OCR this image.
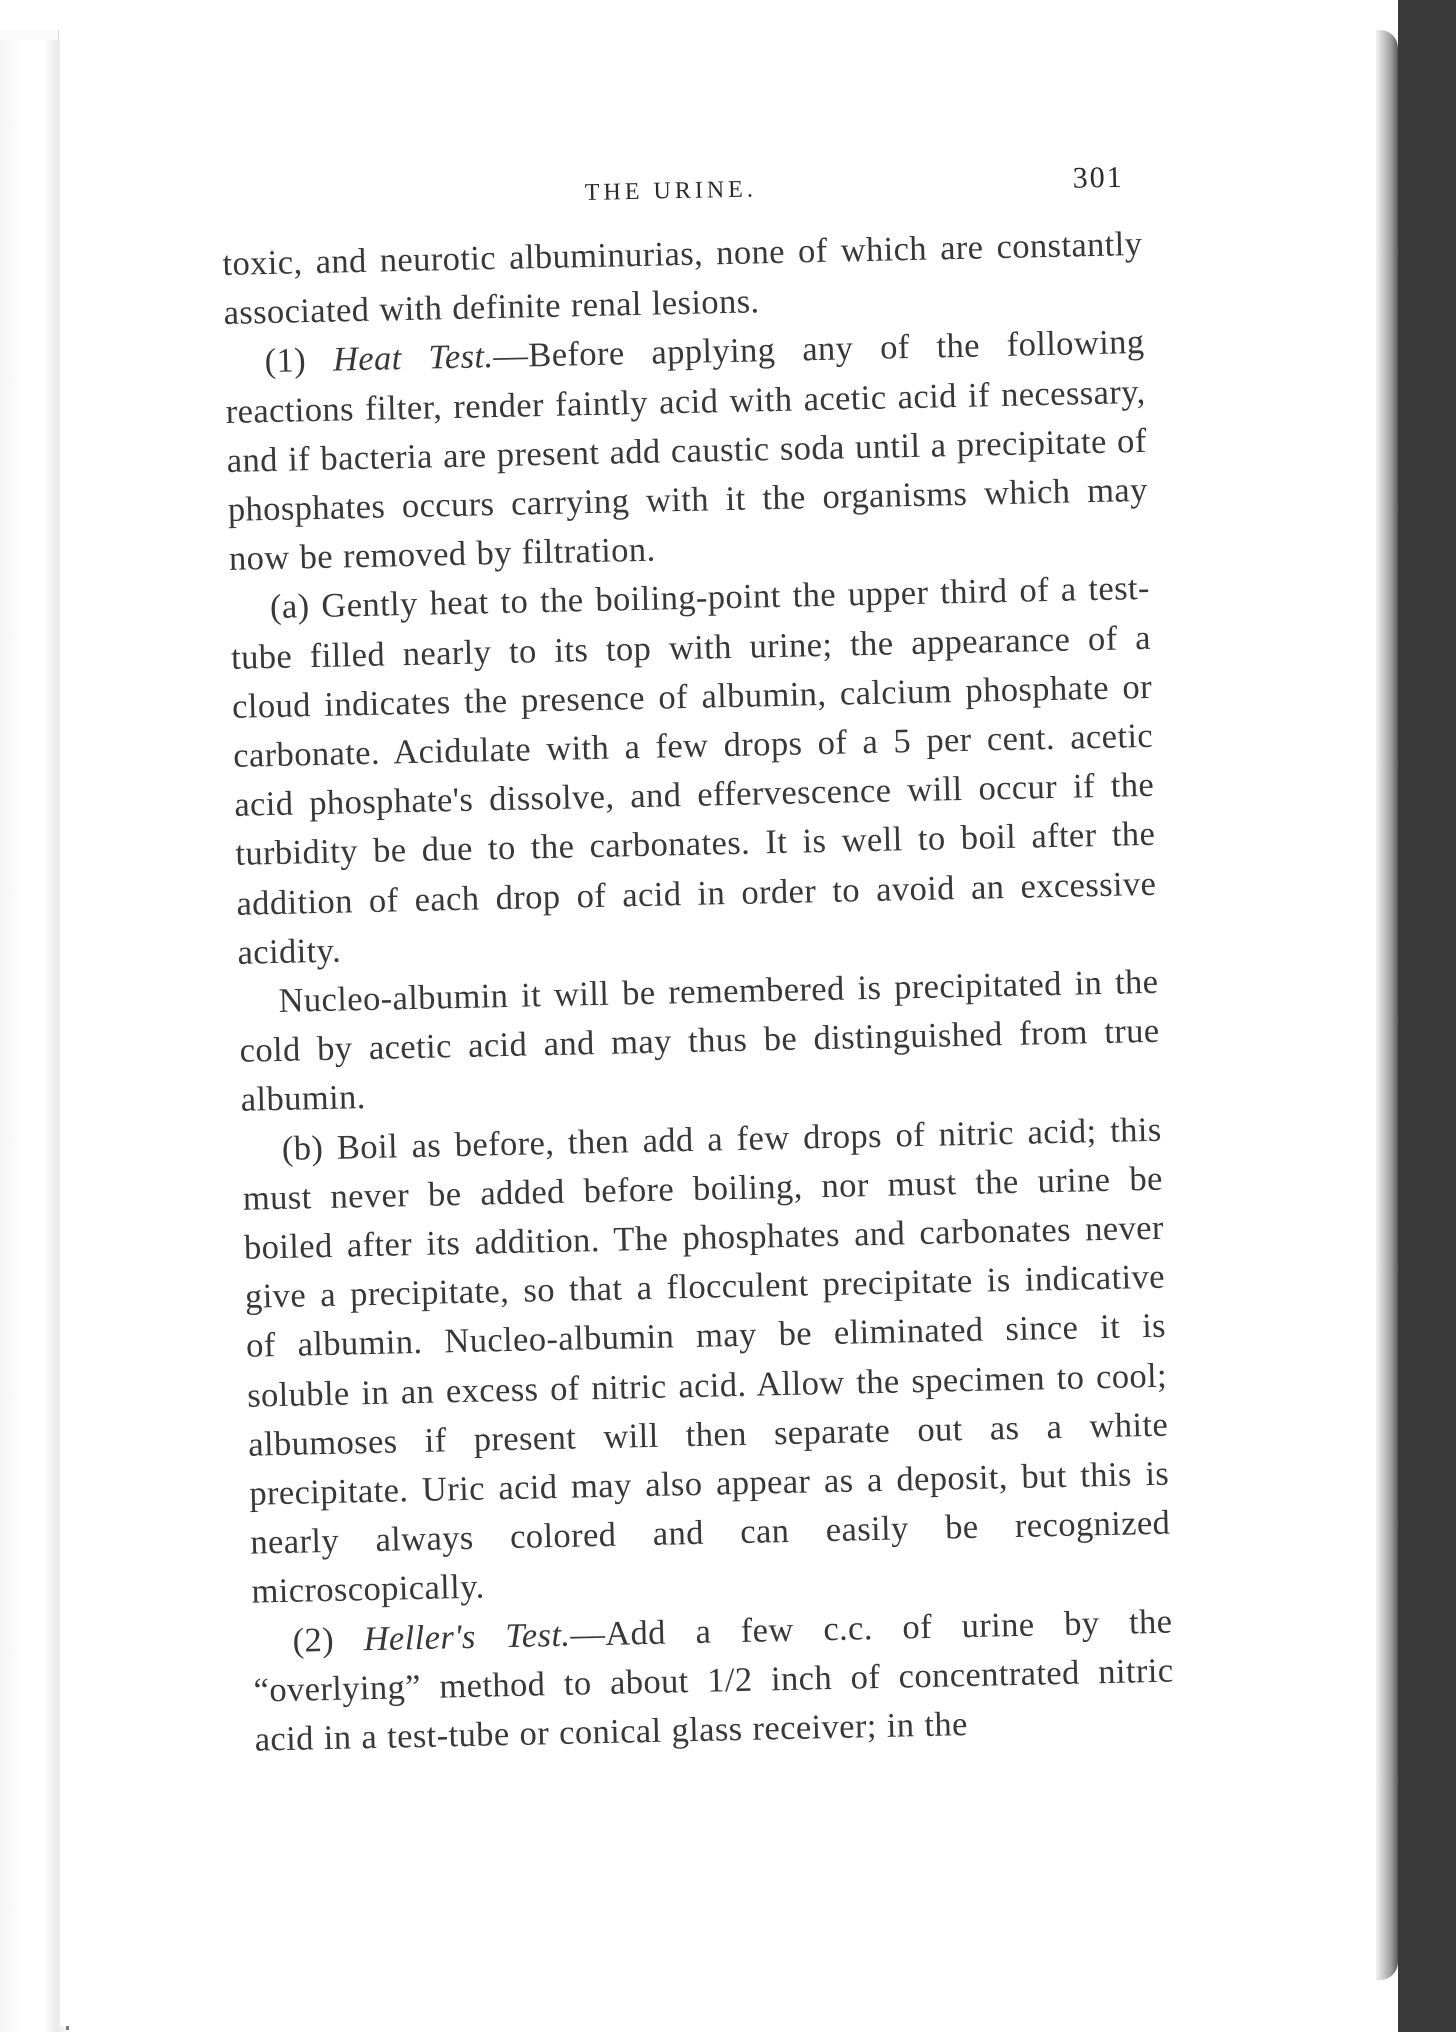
THE URINE.	301

toxic, and neurotic albuminurias, none of which are constantly associated with definite renal lesions.

(1) Heat Test.—Before applying any of the following reactions filter, render faintly acid with acetic acid if necessary, and if bacteria are present add caustic soda until a precipitate of phosphates occurs carrying with it the organisms which may now be removed by filtration.

(a) Gently heat to the boiling-point the upper third of a test-tube filled nearly to its top with urine; the appearance of a cloud indicates the presence of albumin, calcium phosphate or carbonate. Acidulate with a few drops of a 5 per cent. acetic acid phosphate's dissolve, and effervescence will occur if the turbidity be due to the carbonates. It is well to boil after the addition of each drop of acid in order to avoid an excessive acidity.

Nucleo-albumin it will be remembered is precipitated in the cold by acetic acid and may thus be distinguished from true albumin.

(b) Boil as before, then add a few drops of nitric acid; this must never be added before boiling, nor must the urine be boiled after its addition. The phosphates and carbonates never give a precipitate, so that a flocculent precipitate is indicative of albumin. Nucleo-albumin may be eliminated since it is soluble in an excess of nitric acid. Allow the specimen to cool; albumoses if present will then separate out as a white precipitate. Uric acid may also appear as a deposit, but this is nearly always colored and can easily be recognized microscopically.

(2) Heller's Test.—Add a few c.c. of urine by the “overlying” method to about 1/2 inch of concentrated nitric acid in a test-tube or conical glass receiver; in the
